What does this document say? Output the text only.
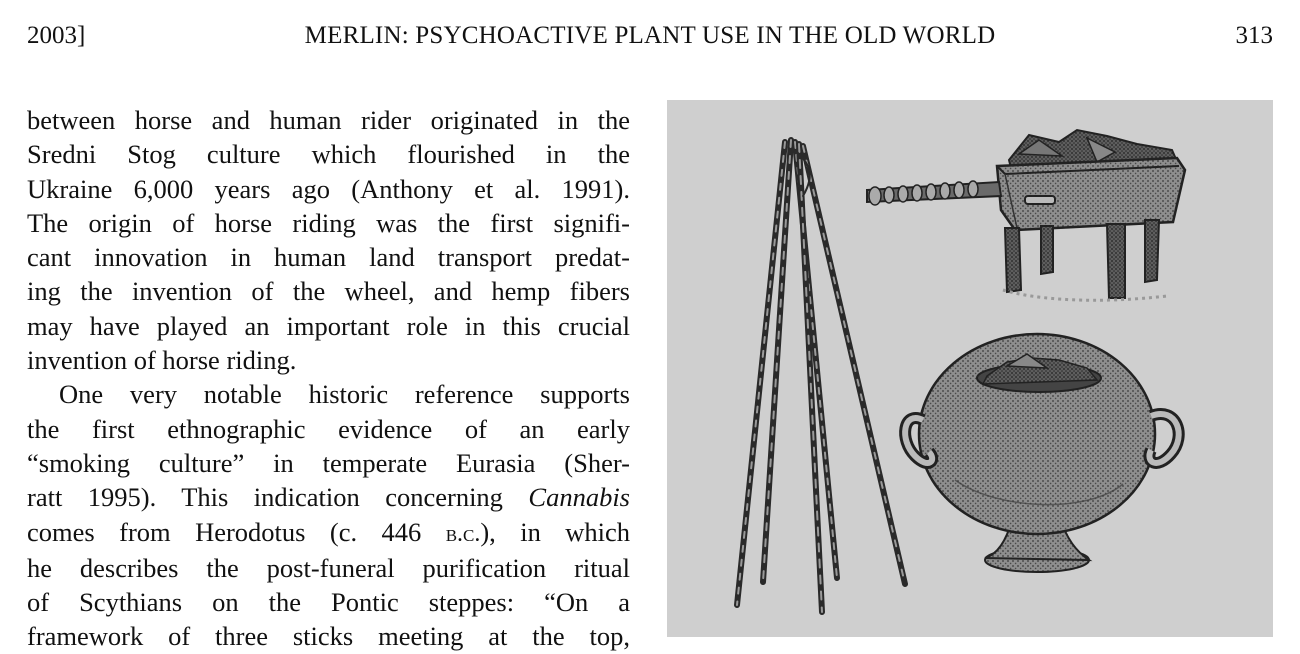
2003]	MERLIN: PSYCHOACTIVE PLANT USE IN THE OLD WORLD	313

between horse and human rider originated in the
Sredni Stog culture which flourished in the
Ukraine 6,000 years ago (Anthony et al. 1991).
The origin of horse riding was the first signifi-
cant innovation in human land transport predat-
ing the invention of the wheel, and hemp fibers
may have played an important role in this crucial
invention of horse riding.

One very notable historic reference supports
the first ethnographic evidence of an early
“smoking culture” in temperate Eurasia (Sher-
ratt 1995). This indication concerning Cannabis
comes from Herodotus (c. 446 b.c.), in which
he describes the post-funeral purification ritual
of Scythians on the Pontic steppes: “On a
framework of three sticks meeting at the top,
